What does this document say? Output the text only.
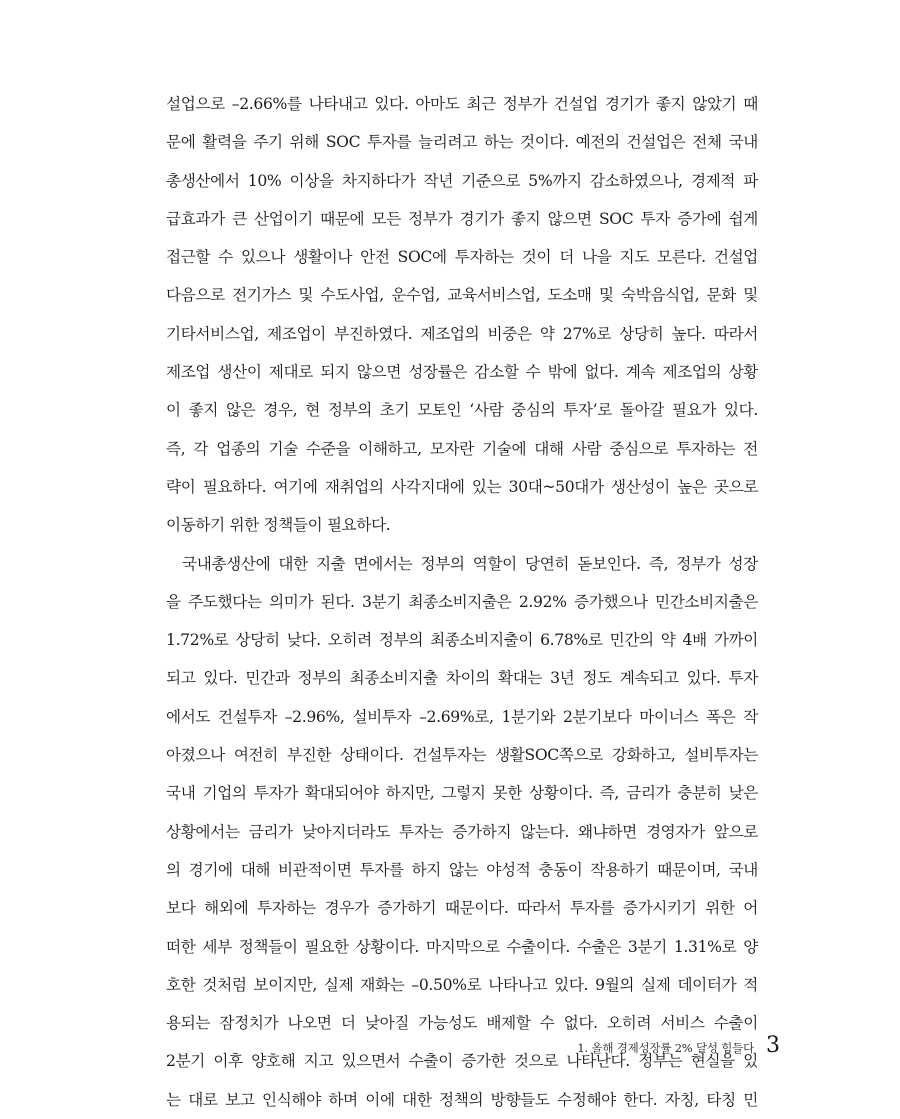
설업으로 –2.66%를 나타내고 있다. 아마도 최근 정부가 건설업 경기가 좋지 않았기 때
문에 활력을 주기 위해 SOC 투자를 늘리려고 하는 것이다. 예전의 건설업은 전체 국내
총생산에서 10% 이상을 차지하다가 작년 기준으로 5%까지 감소하였으나, 경제적 파
급효과가 큰 산업이기 때문에 모든 정부가 경기가 좋지 않으면 SOC 투자 증가에 쉽게
접근할 수 있으나 생활이나 안전 SOC에 투자하는 것이 더 나을 지도 모른다. 건설업
다음으로 전기가스 및 수도사업, 운수업, 교육서비스업, 도소매 및 숙박음식업, 문화 및
기타서비스업, 제조업이 부진하였다. 제조업의 비중은 약 27%로 상당히 높다. 따라서
제조업 생산이 제대로 되지 않으면 성장률은 감소할 수 밖에 없다. 계속 제조업의 상황
이 좋지 않은 경우, 현 정부의 초기 모토인 ‘사람 중심의 투자’로 돌아갈 필요가 있다.
즉, 각 업종의 기술 수준을 이해하고, 모자란 기술에 대해 사람 중심으로 투자하는 전
략이 필요하다. 여기에 재취업의 사각지대에 있는 30대~50대가 생산성이 높은 곳으로
이동하기 위한 정책들이 필요하다.
국내총생산에 대한 지출 면에서는 정부의 역할이 당연히 돋보인다. 즉, 정부가 성장
을 주도했다는 의미가 된다. 3분기 최종소비지출은 2.92% 증가했으나 민간소비지출은
1.72%로 상당히 낮다. 오히려 정부의 최종소비지출이 6.78%로 민간의 약 4배 가까이
되고 있다. 민간과 정부의 최종소비지출 차이의 확대는 3년 정도 계속되고 있다. 투자
에서도 건설투자 –2.96%, 설비투자 –2.69%로, 1분기와 2분기보다 마이너스 폭은 작
아졌으나 여전히 부진한 상태이다. 건설투자는 생활SOC쪽으로 강화하고, 설비투자는
국내 기업의 투자가 확대되어야 하지만, 그렇지 못한 상황이다. 즉, 금리가 충분히 낮은
상황에서는 금리가 낮아지더라도 투자는 증가하지 않는다. 왜냐하면 경영자가 앞으로
의 경기에 대해 비관적이면 투자를 하지 않는 야성적 충동이 작용하기 때문이며, 국내
보다 해외에 투자하는 경우가 증가하기 때문이다. 따라서 투자를 증가시키기 위한 어
떠한 세부 정책들이 필요한 상황이다. 마지막으로 수출이다. 수출은 3분기 1.31%로 양
호한 것처럼 보이지만, 실제 재화는 –0.50%로 나타나고 있다. 9월의 실제 데이터가 적
용되는 잠정치가 나오면 더 낮아질 가능성도 배제할 수 없다. 오히려 서비스 수출이
2분기 이후 양호해 지고 있으면서 수출이 증가한 것으로 나타난다. 정부는 현실을 있
는 대로 보고 인식해야 하며 이에 대한 정책의 방향들도 수정해야 한다. 자칭, 타칭 민
1. 올해 경제성장률 2% 달성 힘들다 3
